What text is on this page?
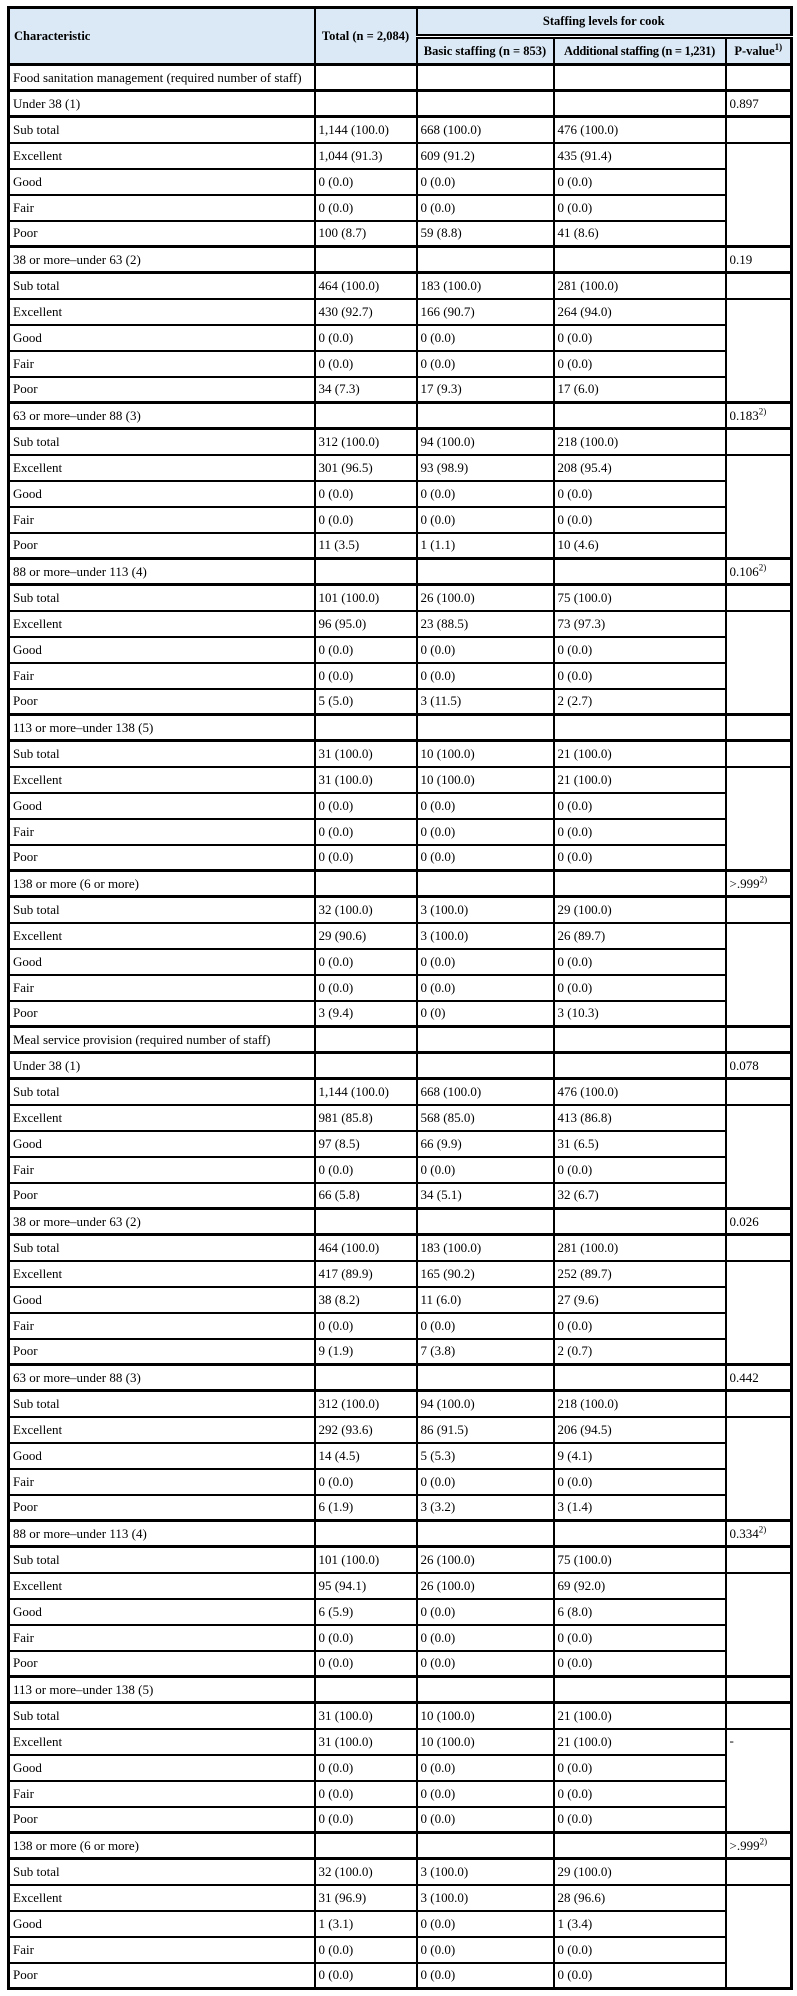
Characteristic	Total (n = 2,084)	Staffing levels for cook		
		Basic staffing (n = 853)	Additional staffing (n = 1,231)	P-value$^{1)}$
Food sanitation management (required number of staff)				
Under 38 (1)				0.897
Sub total	1,144 (100.0)	668 (100.0)	476 (100.0)	
Excellent	1,044 (91.3)	609 (91.2)	435 (91.4)	
Good	0 (0.0)	0 (0.0)	0 (0.0)	
Fair	0 (0.0)	0 (0.0)	0 (0.0)	
Poor	100 (8.7)	59 (8.8)	41 (8.6)	
38 or more–under 63 (2)				0.19
Sub total	464 (100.0)	183 (100.0)	281 (100.0)	
Excellent	430 (92.7)	166 (90.7)	264 (94.0)	
Good	0 (0.0)	0 (0.0)	0 (0.0)	
Fair	0 (0.0)	0 (0.0)	0 (0.0)	
Poor	34 (7.3)	17 (9.3)	17 (6.0)	
63 or more–under 88 (3)				0.183$^{2)}$
Sub total	312 (100.0)	94 (100.0)	218 (100.0)	
Excellent	301 (96.5)	93 (98.9)	208 (95.4)	
Good	0 (0.0)	0 (0.0)	0 (0.0)	
Fair	0 (0.0)	0 (0.0)	0 (0.0)	
Poor	11 (3.5)	1 (1.1)	10 (4.6)	
88 or more–under 113 (4)				0.106$^{2)}$
Sub total	101 (100.0)	26 (100.0)	75 (100.0)	
Excellent	96 (95.0)	23 (88.5)	73 (97.3)	
Good	0 (0.0)	0 (0.0)	0 (0.0)	
Fair	0 (0.0)	0 (0.0)	0 (0.0)	
Poor	5 (5.0)	3 (11.5)	2 (2.7)	
113 or more–under 138 (5)				
Sub total	31 (100.0)	10 (100.0)	21 (100.0)	
Excellent	31 (100.0)	10 (100.0)	21 (100.0)	
Good	0 (0.0)	0 (0.0)	0 (0.0)	
Fair	0 (0.0)	0 (0.0)	0 (0.0)	
Poor	0 (0.0)	0 (0.0)	0 (0.0)	
138 or more (6 or more)				$>.999^{2)}$
Sub total	32 (100.0)	3 (100.0)	29 (100.0)	
Excellent	29 (90.6)	3 (100.0)	26 (89.7)	
Good	0 (0.0)	0 (0.0)	0 (0.0)	
Fair	0 (0.0)	0 (0.0)	0 (0.0)	
Poor	3 (9.4)	0 (0)	3 (10.3)	
Meal service provision (required number of staff)				
Under 38 (1)				0.078
Sub total	1,144 (100.0)	668 (100.0)	476 (100.0)	
Excellent	981 (85.8)	568 (85.0)	413 (86.8)	
Good	97 (8.5)	66 (9.9)	31 (6.5)	
Fair	0 (0.0)	0 (0.0)	0 (0.0)	
Poor	66 (5.8)	34 (5.1)	32 (6.7)	
38 or more–under 63 (2)				0.026
Sub total	464 (100.0)	183 (100.0)	281 (100.0)	
Excellent	417 (89.9)	165 (90.2)	252 (89.7)	
Good	38 (8.2)	11 (6.0)	27 (9.6)	
Fair	0 (0.0)	0 (0.0)	0 (0.0)	
Poor	9 (1.9)	7 (3.8)	2 (0.7)	
63 or more–under 88 (3)				0.442
Sub total	312 (100.0)	94 (100.0)	218 (100.0)	
Excellent	292 (93.6)	86 (91.5)	206 (94.5)	
Good	14 (4.5)	5 (5.3)	9 (4.1)	
Fair	0 (0.0)	0 (0.0)	0 (0.0)	
Poor	6 (1.9)	3 (3.2)	3 (1.4)	
88 or more–under 113 (4)				0.334$^{2)}$
Sub total	101 (100.0)	26 (100.0)	75 (100.0)	
Excellent	95 (94.1)	26 (100.0)	69 (92.0)	
Good	6 (5.9)	0 (0.0)	6 (8.0)	
Fair	0 (0.0)	0 (0.0)	0 (0.0)	
Poor	0 (0.0)	0 (0.0)	0 (0.0)	
113 or more–under 138 (5)				
Sub total	31 (100.0)	10 (100.0)	21 (100.0)	
Excellent	31 (100.0)	10 (100.0)	21 (100.0)	-
Good	0 (0.0)	0 (0.0)	0 (0.0)	
Fair	0 (0.0)	0 (0.0)	0 (0.0)	
Poor	0 (0.0)	0 (0.0)	0 (0.0)	
138 or more (6 or more)				$>.999^{2)}$
Sub total	32 (100.0)	3 (100.0)	29 (100.0)	
Excellent	31 (96.9)	3 (100.0)	28 (96.6)	
Good	1 (3.1)	0 (0.0)	1 (3.4)	
Fair	0 (0.0)	0 (0.0)	0 (0.0)	
Poor	0 (0.0)	0 (0.0)	0 (0.0)	
